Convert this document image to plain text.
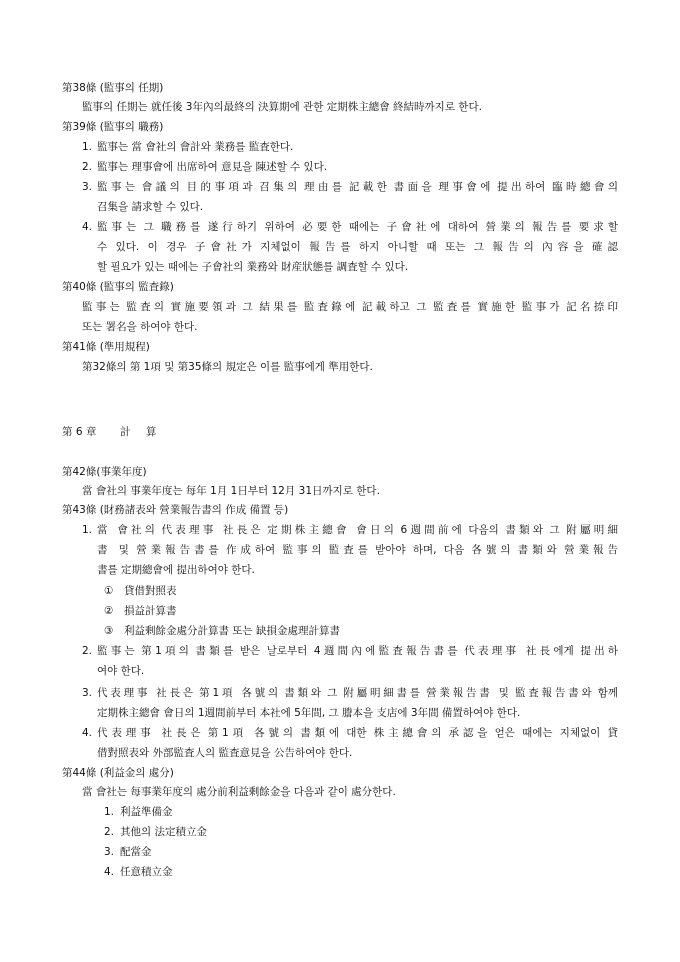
第38條 (監事의 任期)
監事의 任期는 就任後 3年內의最終의 決算期에 관한 定期株主總會 終結時까지로 한다.
第39條 (監事의 職務)
1. 監事는 當 會社의 會計와 業務를 監査한다.
2. 監事는 理事會에 出席하여 意見을 陳述할 수 있다.
3. 監事는 會議의 目的事項과 召集의 理由를 記載한 書面을 理事會에 提出하여 臨時總會의
召集을 請求할 수 있다.
4. 監事는 그 職務를 遂行하기 위하여 必要한 때에는 子會社에 대하여 營業의 報告를 要求할
수 있다. 이 경우 子會社가 지체없이 報告를 하지 아니할 때 또는 그 報告의 內容을 確認
할 필요가 있는 때에는 子會社의 業務와 財産狀態를 調査할 수 있다.
第40條 (監事의 監査錄)
監事는 監査의 實施要領과 그 結果를 監査錄에 記載하고 그 監査를 實施한 監事가 記名捺印
또는 署名을 하여야 한다.
第41條 (準用規程)
第32條의 第 1項 및 第35條의 規定은 이를 監事에게 準用한다.
第 6 章 計 算
第42條(事業年度)
當 會社의 事業年度는 每年 1月 1日부터 12月 31日까지로 한다.
第43條 (財務諸表와 營業報告書의 作成 備置 등)
1. 當 會社의 代表理事 社長은 定期株主總會 會日의 6週間前에 다음의 書類와 그 附屬明細
書 및 營業報告書를 作成하여 監事의 監査를 받아야 하며, 다음 各號의 書類와 營業報告
書를 定期總會에 提出하여야 한다.
① 貸借對照表
② 損益計算書
③ 利益剩餘金處分計算書 또는 缺損金處理計算書
2. 監事는 第1項의 書類를 받은 날로부터 4週間內에監査報告書를 代表理事 社長에게 提出하
여야 한다.
3. 代表理事 社長은 第1項 各號의 書類와 그 附屬明細書를 營業報告書 및 監査報告書와 함께
定期株主總會 會日의 1週間前부터 本社에 5年間, 그 謄本을 支店에 3年間 備置하여야 한다.
4. 代表理事 社長은 第1項 各號의 書類에 대한 株主總會의 承認을 얻은 때에는 지체없이 貸
借對照表와 外部監査人의 監査意見을 公告하여야 한다.
第44條 (利益金의 處分)
當 會社는 每事業年度의 處分前利益剩餘金을 다음과 같이 處分한다.
1. 利益準備金
2. 其他의 法定積立金
3. 配當金
4. 任意積立金
